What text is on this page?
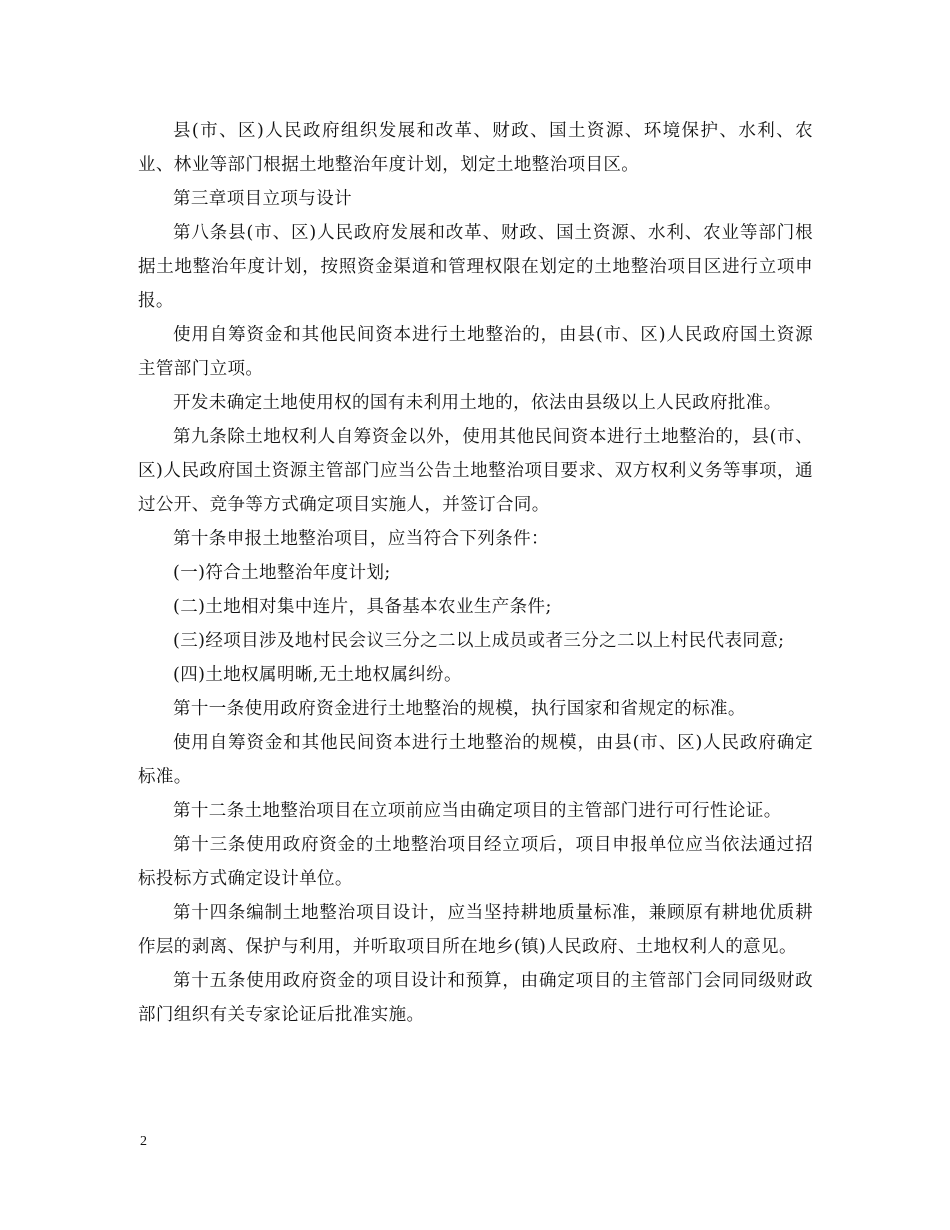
县(市、区)人民政府组织发展和改革、财政、国土资源、环境保护、水利、农业、林业等部门根据土地整治年度计划，划定土地整治项目区。

第三章项目立项与设计

第八条县(市、区)人民政府发展和改革、财政、国土资源、水利、农业等部门根据土地整治年度计划，按照资金渠道和管理权限在划定的土地整治项目区进行立项申报。

使用自筹资金和其他民间资本进行土地整治的，由县(市、区)人民政府国土资源主管部门立项。

开发未确定土地使用权的国有未利用土地的，依法由县级以上人民政府批准。

第九条除土地权利人自筹资金以外，使用其他民间资本进行土地整治的，县(市、区)人民政府国土资源主管部门应当公告土地整治项目要求、双方权利义务等事项，通过公开、竞争等方式确定项目实施人，并签订合同。

第十条申报土地整治项目，应当符合下列条件：

(一)符合土地整治年度计划;

(二)土地相对集中连片，具备基本农业生产条件;

(三)经项目涉及地村民会议三分之二以上成员或者三分之二以上村民代表同意;

(四)土地权属明晰,无土地权属纠纷。

第十一条使用政府资金进行土地整治的规模，执行国家和省规定的标准。

使用自筹资金和其他民间资本进行土地整治的规模，由县(市、区)人民政府确定标准。

第十二条土地整治项目在立项前应当由确定项目的主管部门进行可行性论证。

第十三条使用政府资金的土地整治项目经立项后，项目申报单位应当依法通过招标投标方式确定设计单位。

第十四条编制土地整治项目设计，应当坚持耕地质量标准，兼顾原有耕地优质耕作层的剥离、保护与利用，并听取项目所在地乡(镇)人民政府、土地权利人的意见。

第十五条使用政府资金的项目设计和预算，由确定项目的主管部门会同同级财政部门组织有关专家论证后批准实施。

2
